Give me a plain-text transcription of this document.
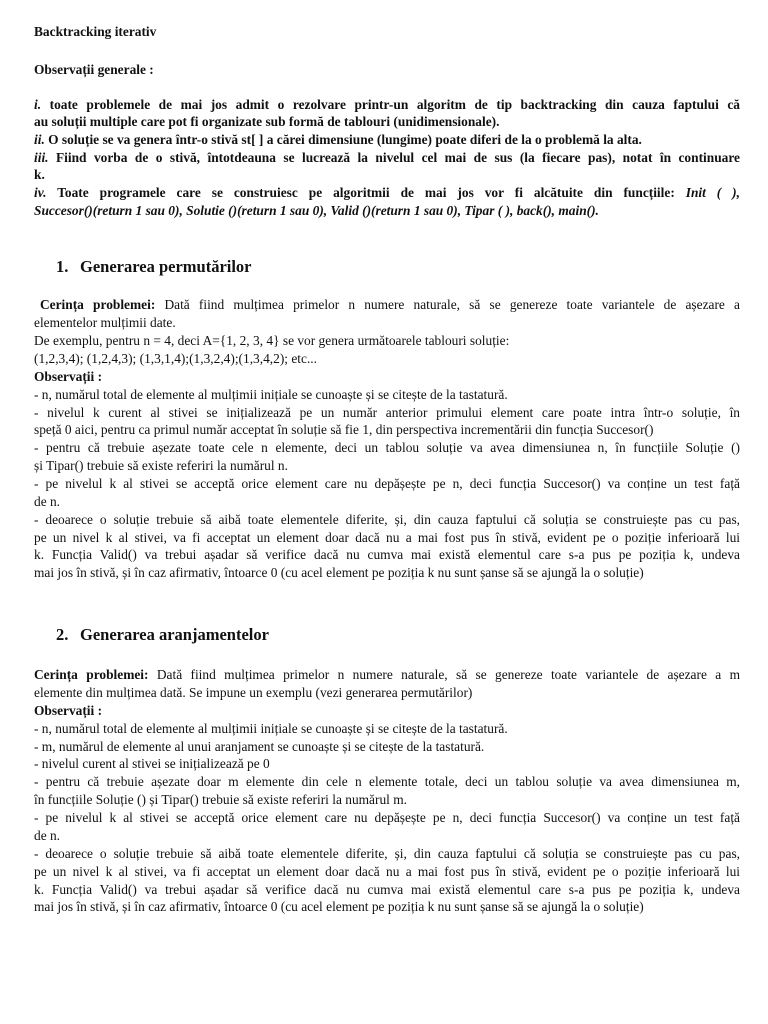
Backtracking iterativ
Observații generale :
i. toate problemele de mai jos admit o rezolvare printr-un algoritm de tip backtracking din cauza faptului că
au soluții multiple care pot fi organizate sub formă de tablouri (unidimensionale).
ii. O soluție se va genera într-o stivă st[ ] a cărei dimensiune (lungime) poate diferi de la o problemă la alta.
iii. Fiind vorba de o stivă, întotdeauna se lucrează la nivelul cel mai de sus (la fiecare pas), notat în continuare
k.
iv. Toate programele care se construiesc pe algoritmii de mai jos vor fi alcătuite din funcțiile: Init ( ),
Succesor()(return 1 sau 0), Solutie ()(return 1 sau 0), Valid ()(return 1 sau 0), Tipar ( ), back(), main().
1. Generarea permutărilor
Cerința problemei: Dată fiind mulțimea primelor n numere naturale, să se genereze toate variantele de așezare a
elementelor mulțimii date.
De exemplu, pentru n = 4, deci A={1, 2, 3, 4} se vor genera următoarele tablouri soluție:
(1,2,3,4); (1,2,4,3); (1,3,1,4);(1,3,2,4);(1,3,4,2); etc...
Observații :
- n, numărul total de elemente al mulțimii inițiale se cunoaște și se citește de la tastatură.
- nivelul k curent al stivei se inițializează pe un număr anterior primului element care poate intra într-o soluție, în
speță 0 aici, pentru ca primul număr acceptat în soluție să fie 1, din perspectiva incrementării din funcția Succesor()
- pentru că trebuie așezate toate cele n elemente, deci un tablou soluție va avea dimensiunea n, în funcțiile Soluție ()
și Tipar() trebuie să existe referiri la numărul n.
- pe nivelul k al stivei se acceptă orice element care nu depășește pe n, deci funcția Succesor() va conține un test față
de n.
- deoarece o soluție trebuie să aibă toate elementele diferite, și, din cauza faptului că soluția se construiește pas cu pas,
pe un nivel k al stivei, va fi acceptat un element doar dacă nu a mai fost pus în stivă, evident pe o poziție inferioară lui
k. Funcția Valid() va trebui așadar să verifice dacă nu cumva mai există elementul care s-a pus pe poziția k, undeva
mai jos în stivă, și în caz afirmativ, întoarce 0 (cu acel element pe poziția k nu sunt șanse să se ajungă la o soluție)
2. Generarea aranjamentelor
Cerința problemei: Dată fiind mulțimea primelor n numere naturale, să se genereze toate variantele de așezare a m
elemente din mulțimea dată. Se impune un exemplu (vezi generarea permutărilor)
Observații :
- n, numărul total de elemente al mulțimii inițiale se cunoaște și se citește de la tastatură.
- m, numărul de elemente al unui aranjament se cunoaște și se citește de la tastatură.
- nivelul curent al stivei se inițializează pe 0
- pentru că trebuie așezate doar m elemente din cele n elemente totale, deci un tablou soluție va avea dimensiunea m,
în funcțiile Soluție () și Tipar() trebuie să existe referiri la numărul m.
- pe nivelul k al stivei se acceptă orice element care nu depășește pe n, deci funcția Succesor() va conține un test față
de n.
- deoarece o soluție trebuie să aibă toate elementele diferite, și, din cauza faptului că soluția se construiește pas cu pas,
pe un nivel k al stivei, va fi acceptat un element doar dacă nu a mai fost pus în stivă, evident pe o poziție inferioară lui
k. Funcția Valid() va trebui așadar să verifice dacă nu cumva mai există elementul care s-a pus pe poziția k, undeva
mai jos în stivă, și în caz afirmativ, întoarce 0 (cu acel element pe poziția k nu sunt șanse să se ajungă la o soluție)
